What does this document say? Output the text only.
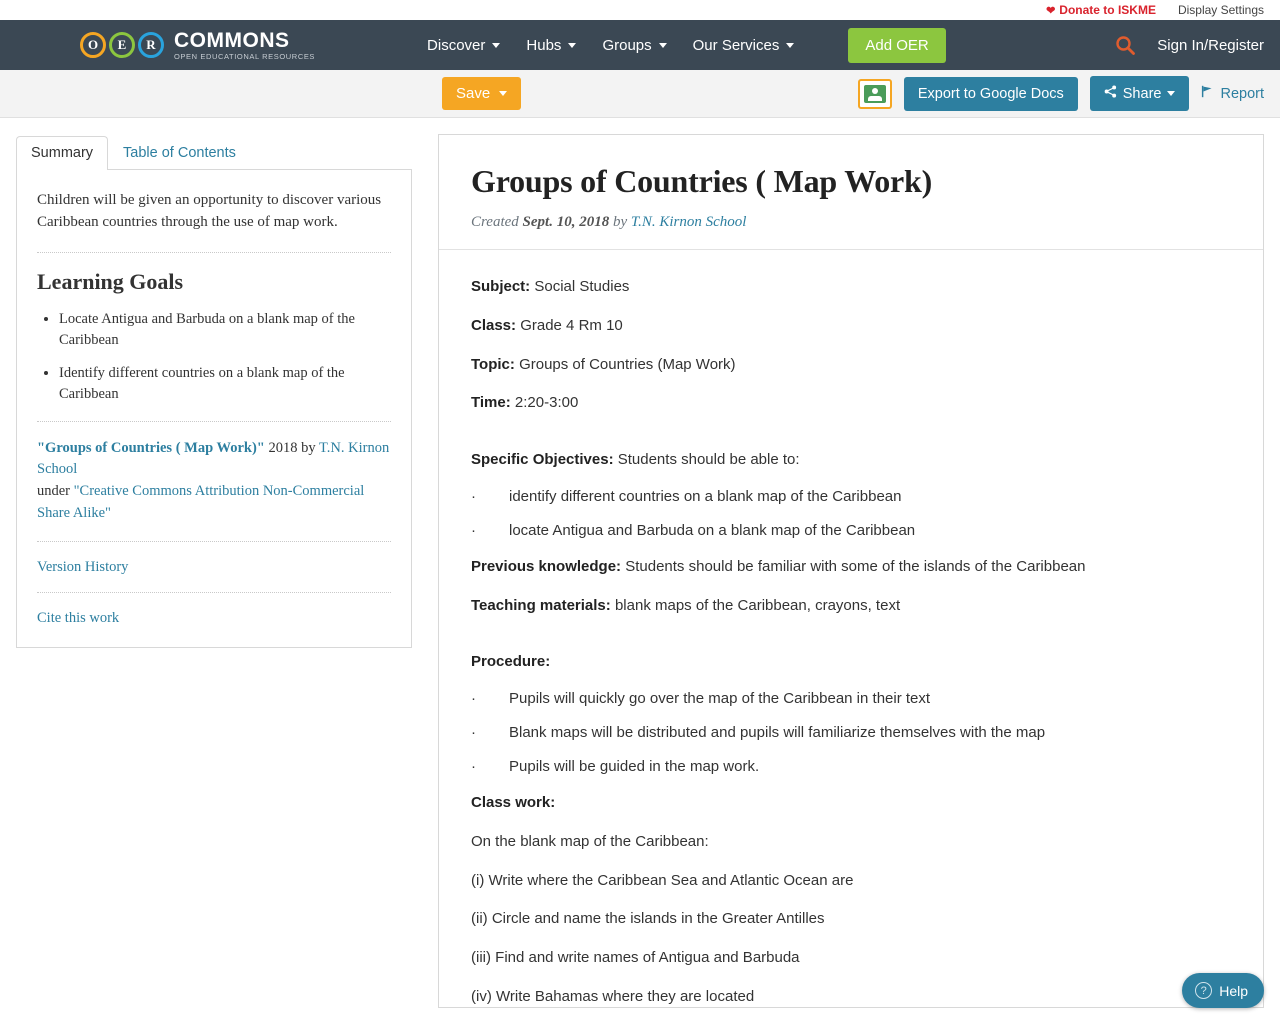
❤ Donate to ISKME Display Settings
O	E	R COMMONS
OPEN EDUCATIONAL RESOURCES
Discover	Hubs	Groups	Our Services	Add OER	Sign In/Register
Save	Export to Google Docs	Share	Report
Summary	Table of Contents

Children will be given an opportunity to discover various Caribbean countries through the use of map work.

Learning Goals
• Locate Antigua and Barbuda on a blank map of the Caribbean
• Identify different countries on a blank map of the Caribbean

"Groups of Countries ( Map Work)" 2018 by T.N. Kirnon School
under "Creative Commons Attribution Non-Commercial Share Alike"

Version History
Cite this work
Groups of Countries ( Map Work)
Created Sept. 10, 2018 by T.N. Kirnon School

Subject: Social Studies

Class: Grade 4 Rm 10

Topic: Groups of Countries (Map Work)

Time: 2:20-3:00

Specific Objectives: Students should be able to:

·	identify different countries on a blank map of the Caribbean
·	locate Antigua and Barbuda on a blank map of the Caribbean

Previous knowledge: Students should be familiar with some of the islands of the Caribbean

Teaching materials: blank maps of the Caribbean, crayons, text

Procedure:

·	Pupils will quickly go over the map of the Caribbean in their text
·	Blank maps will be distributed and pupils will familiarize themselves with the map
·	Pupils will be guided in the map work.

Class work:

On the blank map of the Caribbean:

(i) Write where the Caribbean Sea and Atlantic Ocean are

(ii) Circle and name the islands in the Greater Antilles

(iii) Find and write names of Antigua and Barbuda

(iv) Write Bahamas where they are located	? Help
